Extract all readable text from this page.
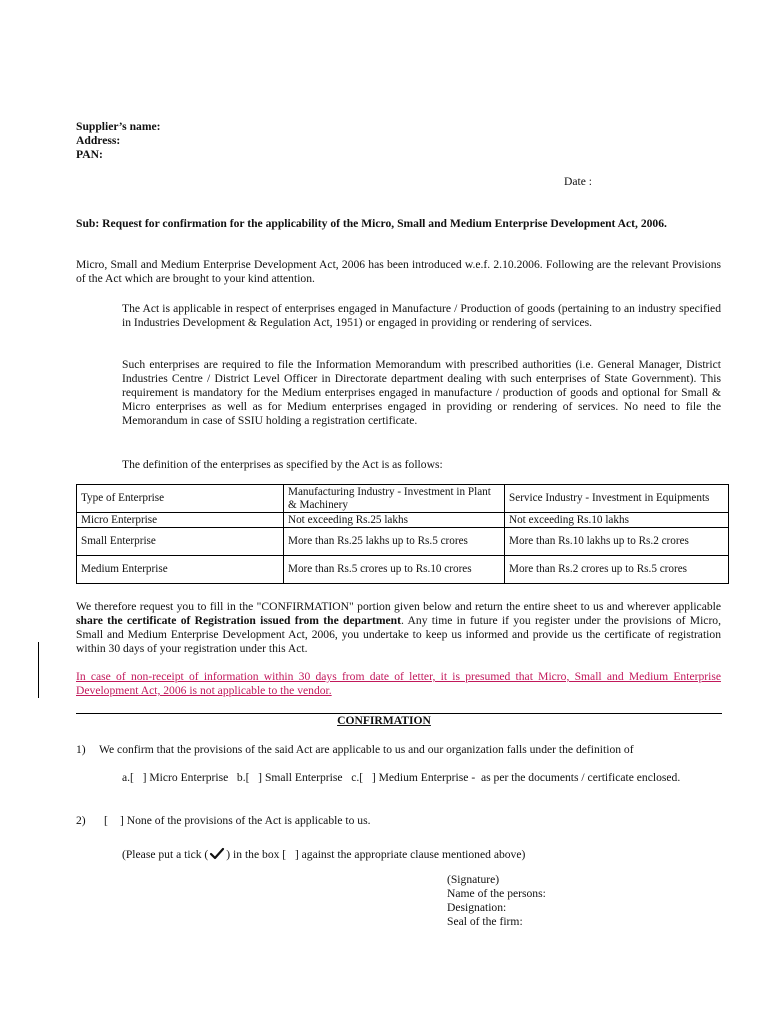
Supplier’s name:
Address:
PAN:
Date :
Sub: Request for confirmation for the applicability of the Micro, Small and Medium Enterprise Development Act, 2006.
Micro, Small and Medium Enterprise Development Act, 2006 has been introduced w.e.f. 2.10.2006. Following are the relevant Provisions of the Act which are brought to your kind attention.
The Act is applicable in respect of enterprises engaged in Manufacture / Production of goods (pertaining to an industry specified in Industries Development & Regulation Act, 1951) or engaged in providing or rendering of services.
Such enterprises are required to file the Information Memorandum with prescribed authorities (i.e. General Manager, District Industries Centre / District Level Officer in Directorate department dealing with such enterprises of State Government). This requirement is mandatory for the Medium enterprises engaged in manufacture / production of goods and optional for Small & Micro enterprises as well as for Medium enterprises engaged in providing or rendering of services. No need to file the Memorandum in case of SSIU holding a registration certificate.
The definition of the enterprises as specified by the Act is as follows:
Type of Enterprise	Manufacturing Industry - Investment in Plant & Machinery	Service Industry - Investment in Equipments
Micro Enterprise	Not exceeding Rs.25 lakhs	Not exceeding Rs.10 lakhs
Small Enterprise	More than Rs.25 lakhs up to Rs.5 crores	More than Rs.10 lakhs up to Rs.2 crores
Medium Enterprise	More than Rs.5 crores up to Rs.10 crores	More than Rs.2 crores up to Rs.5 crores
We therefore request you to fill in the "CONFIRMATION" portion given below and return the entire sheet to us and wherever applicable share the certificate of Registration issued from the department. Any time in future if you register under the provisions of Micro, Small and Medium Enterprise Development Act, 2006, you undertake to keep us informed and provide us the certificate of registration within 30 days of your registration under this Act.
In case of non-receipt of information within 30 days from date of letter, it is presumed that Micro, Small and Medium Enterprise Development Act, 2006 is not applicable to the vendor.
CONFIRMATION
1) We confirm that the provisions of the said Act are applicable to us and our organization falls under the definition of
a.[   ] Micro Enterprise   b.[   ] Small Enterprise   c.[   ] Medium Enterprise -  as per the documents / certificate enclosed.
2) [ ] None of the provisions of the Act is applicable to us.
(Please put a tick ( ) in the box [   ] against the appropriate clause mentioned above)
(Signature)
Name of the persons:
Designation:
Seal of the firm:
